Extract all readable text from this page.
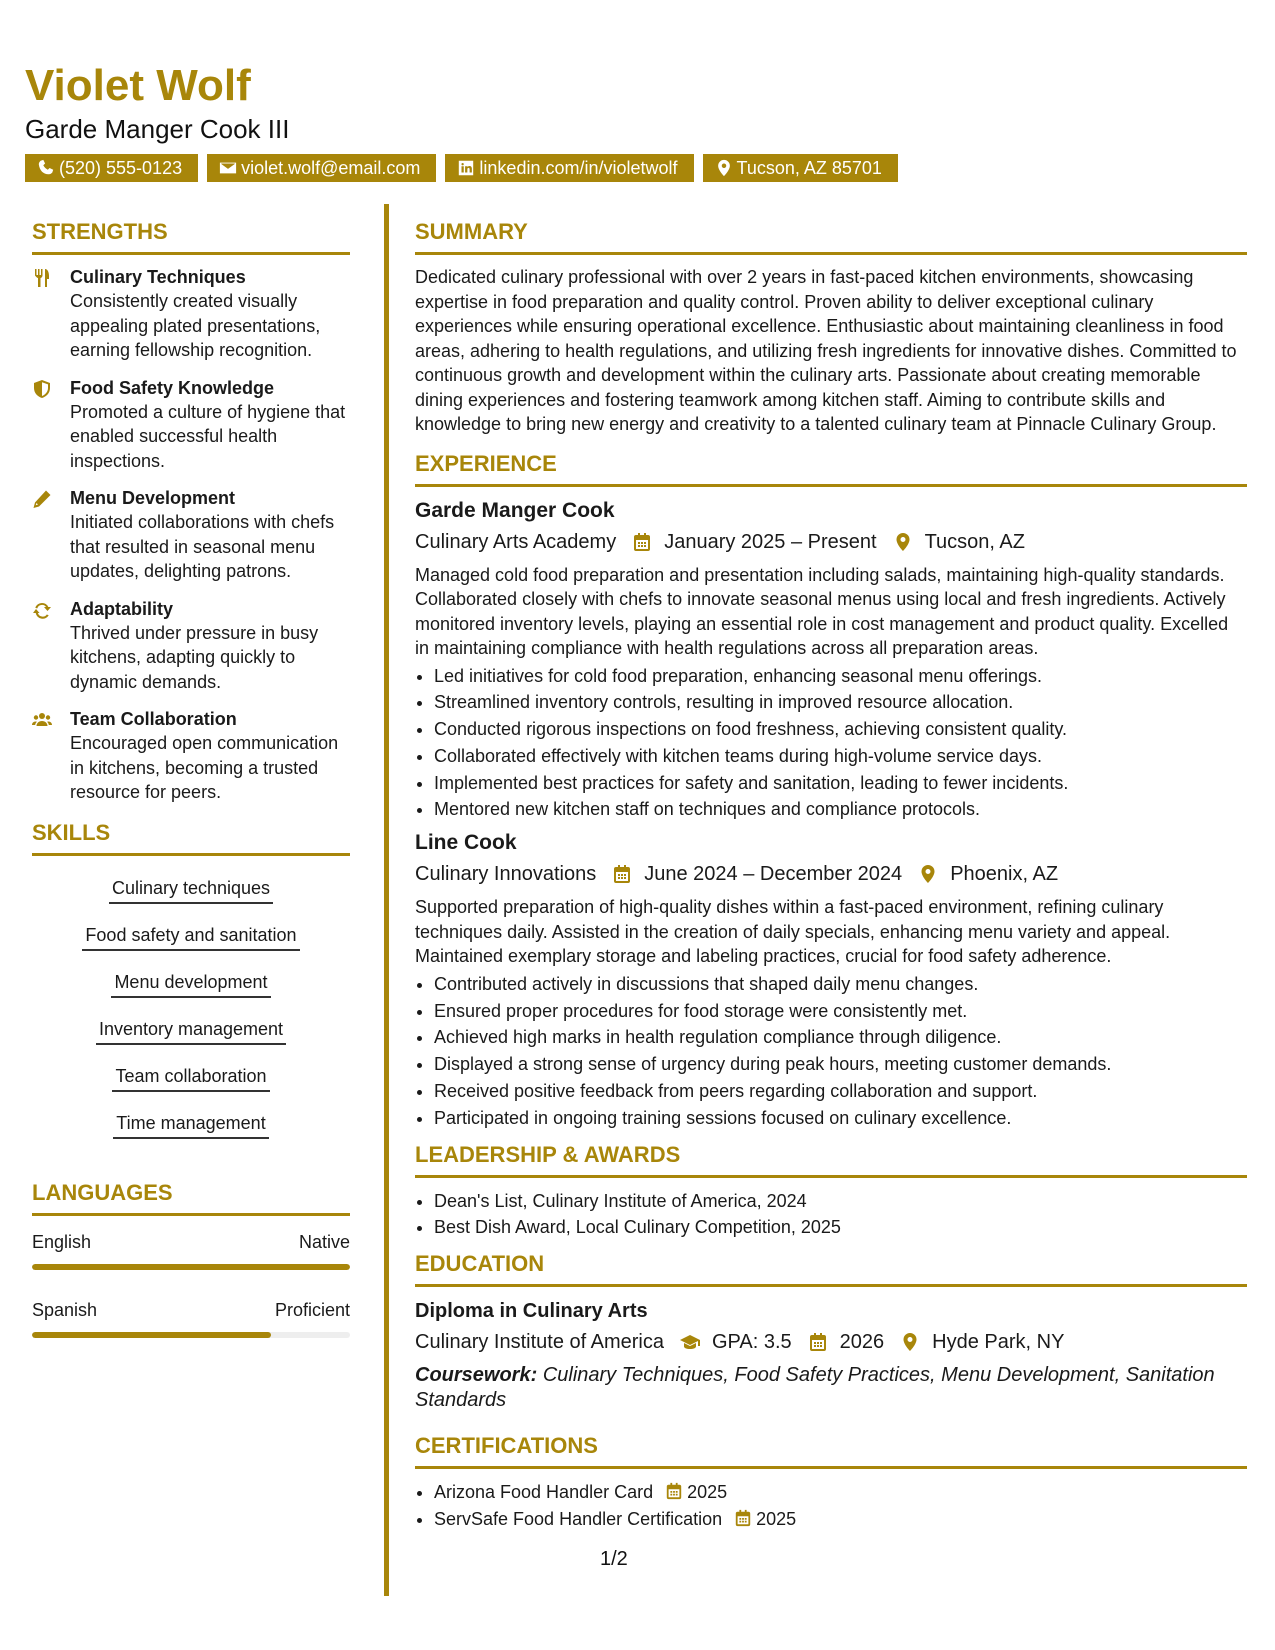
Violet Wolf

Garde Manger Cook III

(520) 555-0123	violet.wolf@email.com	linkedin.com/in/violetwolf	Tucson, AZ 85701
STRENGTHS
Culinary Techniques
Consistently created visually appealing plated presentations, earning fellowship recognition.
Food Safety Knowledge
Promoted a culture of hygiene that enabled successful health inspections.
Menu Development
Initiated collaborations with chefs that resulted in seasonal menu updates, delighting patrons.
Adaptability
Thrived under pressure in busy kitchens, adapting quickly to dynamic demands.
Team Collaboration
Encouraged open communication in kitchens, becoming a trusted resource for peers.
SKILLS
Culinary techniques
Food safety and sanitation
Menu development
Inventory management
Team collaboration
Time management
LANGUAGES
English	Native
Spanish	Proficient
SUMMARY

Dedicated culinary professional with over 2 years in fast-paced kitchen environments, showcasing expertise in food preparation and quality control. Proven ability to deliver exceptional culinary experiences while ensuring operational excellence. Enthusiastic about maintaining cleanliness in food areas, adhering to health regulations, and utilizing fresh ingredients for innovative dishes. Committed to continuous growth and development within the culinary arts. Passionate about creating memorable dining experiences and fostering teamwork among kitchen staff. Aiming to contribute skills and knowledge to bring new energy and creativity to a talented culinary team at Pinnacle Culinary Group.

EXPERIENCE
Garde Manger Cook
Culinary Arts Academy January 2025 – Present Tucson, AZ

Managed cold food preparation and presentation including salads, maintaining high-quality standards. Collaborated closely with chefs to innovate seasonal menus using local and fresh ingredients. Actively monitored inventory levels, playing an essential role in cost management and product quality. Excelled in maintaining compliance with health regulations across all preparation areas.

• Led initiatives for cold food preparation, enhancing seasonal menu offerings.
• Streamlined inventory controls, resulting in improved resource allocation.
• Conducted rigorous inspections on food freshness, achieving consistent quality.
• Collaborated effectively with kitchen teams during high-volume service days.
• Implemented best practices for safety and sanitation, leading to fewer incidents.
• Mentored new kitchen staff on techniques and compliance protocols.
Line Cook
Culinary Innovations June 2024 – December 2024 Phoenix, AZ

Supported preparation of high-quality dishes within a fast-paced environment, refining culinary techniques daily. Assisted in the creation of daily specials, enhancing menu variety and appeal. Maintained exemplary storage and labeling practices, crucial for food safety adherence.

• Contributed actively in discussions that shaped daily menu changes.
• Ensured proper procedures for food storage were consistently met.
• Achieved high marks in health regulation compliance through diligence.
• Displayed a strong sense of urgency during peak hours, meeting customer demands.
• Received positive feedback from peers regarding collaboration and support.
• Participated in ongoing training sessions focused on culinary excellence.
LEADERSHIP & AWARDS
• Dean's List, Culinary Institute of America, 2024
• Best Dish Award, Local Culinary Competition, 2025
EDUCATION
Diploma in Culinary Arts
Culinary Institute of America GPA: 3.5 2026 Hyde Park, NY
Coursework: Culinary Techniques, Food Safety Practices, Menu Development, Sanitation Standards
CERTIFICATIONS
• Arizona Food Handler Card 2025
• ServSafe Food Handler Certification 2025
1/2
